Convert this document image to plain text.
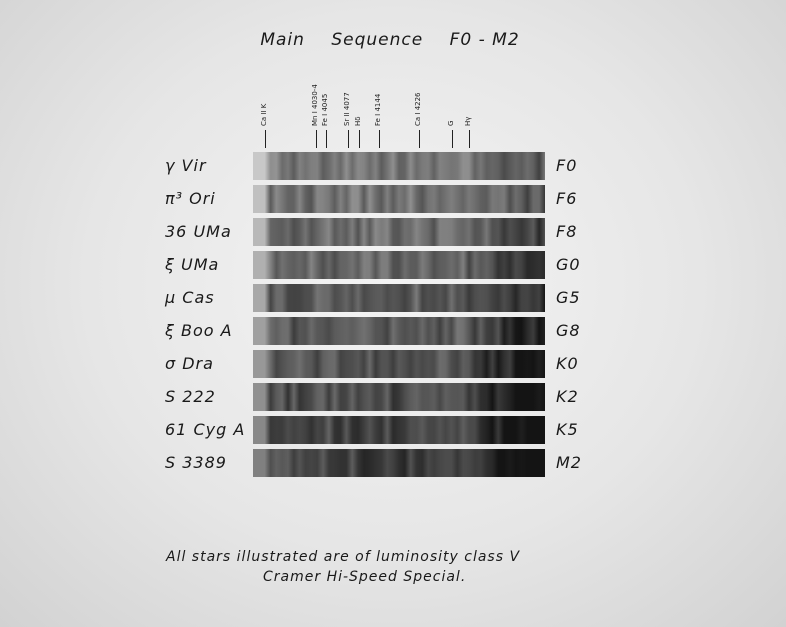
Main Sequence F0 - M2
Ca II K	Mn I 4030-4 Fe I 4045 Sr II 4077 Hδ Fe I 4144	Ca I 4226	G Hγ
γ Vir	F0
π³ Ori	F6
36 UMa	F8
ξ UMa	G0
μ Cas	G5
ξ Boo A	G8
σ Dra	K0
S 222	K2
61 Cyg A	K5
S 3389	M2
All stars illustrated are of luminosity class V
Cramer Hi-Speed Special.
